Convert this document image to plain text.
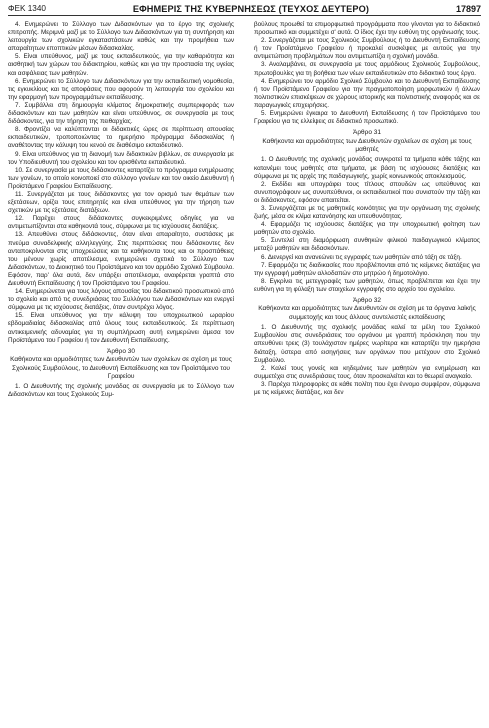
ΦΕΚ 1340	ΕΦΗΜΕΡΙΣ ΤΗΣ ΚΥΒΕΡΝΗΣΕΩΣ (ΤΕΥΧΟΣ ΔΕΥΤΕΡΟ)	17897

4. Ενημερώνει το Σύλλογο των Διδασκόντων για το έργο της σχολικής επιτροπής. Μεριμνά μαζί με το Σύλλογο των Διδασκόντων για τη συντήρηση και λειτουργία των σχολικών εγκαταστάσεων καθώς και την προμήθεια των απαραίτητων εποπτικών μέσων διδασκαλίας.

5. Είναι υπεύθυνος, μαζί με τους εκπαιδευτικούς, για την καθαριότητα και αισθητική των χώρων του διδακτηρίου, καθώς και για την προστασία της υγείας και ασφάλειας των μαθητών.

6. Ενημερώνει το Σύλλογο των Διδασκόντων για την εκπαιδευτική νομοθεσία, τις εγκυκλίους και τις αποφάσεις που αφορούν τη λειτουργία του σχολείου και την εφαρμογή των προγραμμάτων εκπαίδευσης.

7. Συμβάλλει στη δημιουργία κλίματος δημοκρατικής συμπεριφοράς των διδασκόντων και των μαθητών και είναι υπεύθυνος, σε συνεργασία με τους διδάσκοντες, για την τήρηση της πειθαρχίας.

8. Φροντίζει να καλύπτονται οι διδακτικές ώρες σε περίπτωση απουσίας εκπαιδευτικών, τροποποιώντας το ημερήσιο πρόγραμμα διδασκαλίας ή αναθέτοντας την κάλυψη του κενού σε διαθέσιμο εκπαιδευτικό.

9. Είναι υπεύθυνος για τη διανομή των διδακτικών βιβλίων, σε συνεργασία με τον Υποδιευθυντή του σχολείου και τον ορισθέντα εκπαιδευτικό.

10. Σε συνεργασία με τους διδάσκοντες καταρτίζει το πρόγραμμα ενημέρωσης των γονέων, το οποίο κοινοποιεί στο σύλλογο γονέων και τον οικείο Διευθυντή ή Προϊστάμενο Γραφείου Εκπαίδευσης.

11. Συνεργάζεται με τους διδάσκοντες για τον ορισμό των θεμάτων των εξετάσεων, ορίζει τους επιτηρητές και είναι υπεύθυνος για την τήρηση των σχετικών με τις εξετάσεις διατάξεων.

12. Παρέχει στους διδάσκοντες συγκεκριμένες οδηγίες για να αντιμετωπίζονται στα καθηκοντά τους, σύμφωνα με τις ισχύουσες διατάξεις.

13. Απευθύνει στους διδάσκοντες, όταν είναι απαραίτητο, συστάσεις με πνεύμα συναδελφικής αλληλεγγύης. Στις περιπτώσεις που διδάσκοντες δεν ανταποκρίνονται στις υποχρεώσεις και τα καθήκοντα τους και οι προσπάθειες του μένουν χωρίς αποτέλεσμα, ενημερώνει σχετικά το Σύλλογο των Διδασκόντων, το Διοικητικό του Προϊστάμενο και τον αρμόδιο Σχολικό Σύμβουλο. Εφόσον, παρ' όλα αυτά, δεν υπάρξει αποτέλεσμα, αναφέρεται γραπτά στο Διευθυντή Εκπαίδευσης ή τον Προϊστάμενο του Γραφείου.

14. Ενημερώνεται για τους λόγους απουσίας του διδακτικού προσωπικού από το σχολείο και από τις συνεδριάσεις του Συλλόγου των Διδασκόντων και ενεργεί σύμφωνα με τις ισχύουσες διατάξεις, όταν συντρέχει λόγος.

15. Είναι υπεύθυνος για την κάλυψη του υποχρεωτικού ωραρίου εβδομαδιαίας διδασκαλίας από όλους τους εκπαιδευτικούς. Σε περίπτωση αντικειμενικής αδυναμίας για τη συμπλήρωση αυτή ενημερώνει άμεσα τον Προϊστάμενο του Γραφείου ή τον Διευθυντή Εκπαίδευσης.

Άρθρο 30
Καθήκοντα και αρμοδιότητες των Διευθυντών των σχολείων σε σχέση με τους Σχολικούς Συμβούλους, το Διευθυντή Εκπαίδευσης και τον Προϊστάμενο του Γραφείου

1. Ο Διευθυντής της σχολικής μονάδας σε συνεργασία με το Σύλλογο των Διδασκόντων και τους Σχολικούς Συμ-

βούλους προωθεί τα επιμορφωτικά προγράμματα που γίνονται για το διδακτικό προσωπικό και συμμετέχει σ' αυτά. Ο ίδιος έχει την ευθύνη της οργάνωσής τους.

2. Συνεργάζεται με τους Σχολικούς Συμβούλους ή το Διευθυντή Εκπαίδευσης ή τον Προϊστάμενο Γραφείου ή προκαλεί συσκέψεις με αυτούς για την αντιμετώπιση προβλημάτων που αντιμετωπίζει η σχολική μονάδα.

3. Αναλαμβάνει, σε συνεργασία με τους αρμόδιους Σχολικούς Συμβούλους, πρωτοβουλίες για τη βοήθεια των νέων εκπαιδευτικών στο διδακτικό τους έργο.

4. Ενημερώνει τον αρμόδιο Σχολικό Σύμβουλο και το Διευθυντή Εκπαίδευσης ή τον Προϊστάμενο Γραφείου για την πραγματοποίηση μορφωτικών ή άλλων πολιτιστικών επισκέψεων σε χώρους ιστορικής και πολιτιστικής αναφοράς και σε παραγωγικές επιχειρήσεις.

5. Ενημερώνει έγκαιρα το Διευθυντή Εκπαίδευσης ή τον Προϊστάμενο του Γραφείου για τις ελλείψεις σε διδακτικό προσωπικό.

Άρθρο 31
Καθήκοντα και αρμοδιότητες των Διευθυντών σχολείων σε σχέση με τους μαθητές

1. Ο Διευθυντής της σχολικής μονάδας συγκροτεί τα τμήματα κάθε τάξης και κατανέμει τους μαθητές στα τμήματα, με βάση τις ισχύουσες διατάξεις και σύμφωνα με τις αρχές της παιδαγωγικής, χωρίς κοινωνικούς αποκλεισμούς.

2. Εκδίδει και υπογράφει τους τίτλους σπουδών ως υπεύθυνος και συνυπογράφουν ως συνυπεύθυνοι, οι εκπαιδευτικοί που συνιστούν την τάξη και οι διδάσκοντες, εφόσον απαιτείται.

3. Συνεργάζεται με τις μαθητικές κοινότητες για την οργάνωση της σχολικής ζωής, μέσα σε κλίμα κατανόησης και υπευθυνότητας.

4. Εφαρμόζει τις ισχύουσες διατάξεις για την υποχρεωτική φοίτηση των μαθητών στο σχολείο.

5. Συντελεί στη διαμόρφωση συνθηκών φιλικού παιδαγωγικού κλίματος μεταξύ μαθητών και διδασκόντων.

6. Διενεργεί και ανανεώνει τις εγγραφές των μαθητών από τάξη σε τάξη.

7. Εφαρμόζει τις διαδικασίες που προβλέπονται από τις κείμενες διατάξεις για την εγγραφή μαθητών αλλοδαπών στο μητρώο ή δημοτολόγιο.

8. Εγκρίνει τις μετεγγραφές των μαθητών, όπως προβλέπεται και έχει την ευθύνη για τη φύλαξη των στοιχείων εγγραφής στο αρχείο του σχολείου.

Άρθρο 32
Καθήκοντα και αρμοδιότητες των Διευθυντών σε σχέση με τα όργανα λαϊκής συμμετοχής και τους άλλους συντελεστές εκπαίδευσης

1. Ο Διευθυντής της σχολικής μονάδας καλεί τα μέλη του Σχολικού Συμβουλίου στις συνεδριάσεις του οργάνου με γραπτή πρόσκληση που την απευθύνει τρεις (3) τουλάχιστον ημέρες νωρίτερα και καταρτίζει την ημερήσια διάταξη, ύστερα από εισηγήσεις των οργάνων που μετέχουν στο Σχολικό Συμβούλιο.

2. Καλεί τους γονείς και κηδεμόνες των μαθητών για ενημέρωση και συμμετέχει στις συνεδριάσεις τους, όταν προσκαλείται και το θεωρεί αναγκαίο.

3. Παρέχει πληροφορίες σε κάθε πολίτη που έχει έννομο συμφέρον, σύμφωνα με τις κείμενες διατάξεις, και δεν
